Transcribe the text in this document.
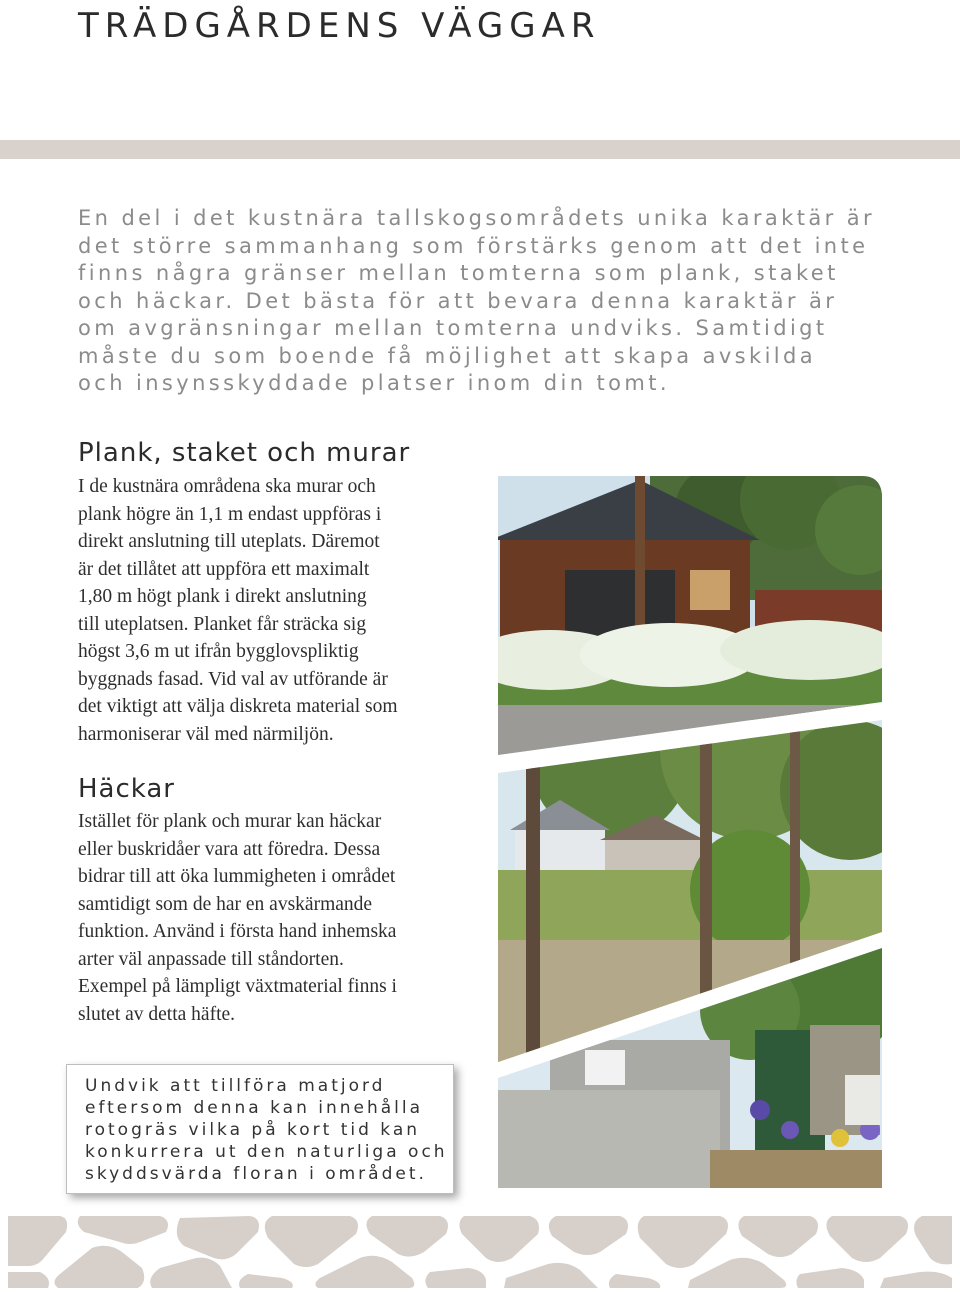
TRÄDGÅRDENS VÄGGAR

En del i det kustnära tallskogsområdets unika karaktär är
det större sammanhang som förstärks genom att det inte
finns några gränser mellan tomterna som plank, staket
och häckar. Det bästa för att bevara denna karaktär är
om avgränsningar mellan tomterna undviks. Samtidigt
måste du som boende få möjlighet att skapa avskilda
och insynsskyddade platser inom din tomt.

Plank, staket och murar

I de kustnära områdena ska murar och
plank högre än 1,1 m endast uppföras i
direkt anslutning till uteplats. Däremot
är det tillåtet att uppföra ett maximalt
1,80 m högt plank i direkt anslutning
till uteplatsen. Planket får sträcka sig
högst 3,6 m ut ifrån bygglovspliktig
byggnads fasad. Vid val av utförande är
det viktigt att välja diskreta material som
harmoniserar väl med närmiljön.

Häckar

Istället för plank och murar kan häckar
eller buskridåer vara att föredra. Dessa
bidrar till att öka lummigheten i området
samtidigt som de har en avskärmande
funktion. Använd i första hand inhemska
arter väl anpassade till ståndorten.
Exempel på lämpligt växtmaterial finns i
slutet av detta häfte.

Undvik att tillföra matjord
eftersom denna kan innehålla
rotogräs vilka på kort tid kan
konkurrera ut den naturliga och
skyddsvärda floran i området.
